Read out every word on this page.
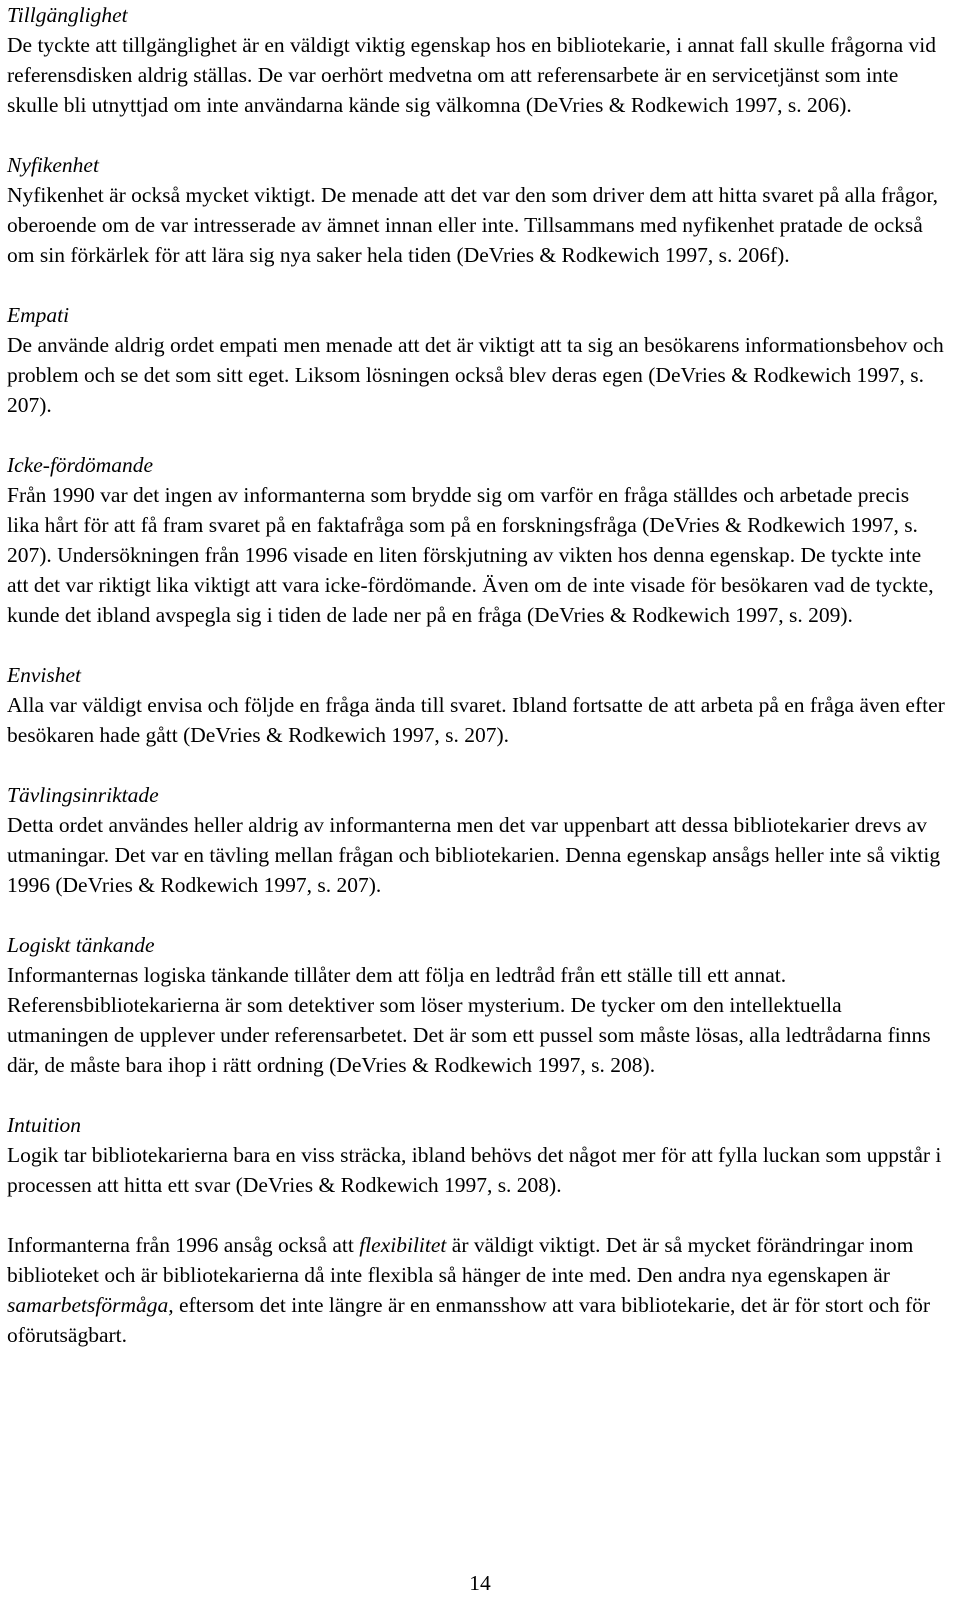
Tillgänglighet

De tyckte att tillgänglighet är en väldigt viktig egenskap hos en bibliotekarie, i annat fall skulle frågorna vid referensdisken aldrig ställas. De var oerhört medvetna om att referensarbete är en servicetjänst som inte skulle bli utnyttjad om inte användarna kände sig välkomna (DeVries & Rodkewich 1997, s. 206).

Nyfikenhet

Nyfikenhet är också mycket viktigt. De menade att det var den som driver dem att hitta svaret på alla frågor, oberoende om de var intresserade av ämnet innan eller inte. Tillsammans med nyfikenhet pratade de också om sin förkärlek för att lära sig nya saker hela tiden (DeVries & Rodkewich 1997, s. 206f).

Empati

De använde aldrig ordet empati men menade att det är viktigt att ta sig an besökarens informationsbehov och problem och se det som sitt eget. Liksom lösningen också blev deras egen (DeVries & Rodkewich 1997, s. 207).

Icke-fördömande

Från 1990 var det ingen av informanterna som brydde sig om varför en fråga ställdes och arbetade precis lika hårt för att få fram svaret på en faktafråga som på en forskningsfråga (DeVries & Rodkewich 1997, s. 207). Undersökningen från 1996 visade en liten förskjutning av vikten hos denna egenskap. De tyckte inte att det var riktigt lika viktigt att vara icke-fördömande. Även om de inte visade för besökaren vad de tyckte, kunde det ibland avspegla sig i tiden de lade ner på en fråga (DeVries & Rodkewich 1997, s. 209).

Envishet

Alla var väldigt envisa och följde en fråga ända till svaret. Ibland fortsatte de att arbeta på en fråga även efter besökaren hade gått (DeVries & Rodkewich 1997, s. 207).

Tävlingsinriktade

Detta ordet användes heller aldrig av informanterna men det var uppenbart att dessa bibliotekarier drevs av utmaningar. Det var en tävling mellan frågan och bibliotekarien. Denna egenskap ansågs heller inte så viktig 1996 (DeVries & Rodkewich 1997, s. 207).

Logiskt tänkande

Informanternas logiska tänkande tillåter dem att följa en ledtråd från ett ställe till ett annat. Referensbibliotekarierna är som detektiver som löser mysterium. De tycker om den intellektuella utmaningen de upplever under referensarbetet. Det är som ett pussel som måste lösas, alla ledtrådarna finns där, de måste bara ihop i rätt ordning (DeVries & Rodkewich 1997, s. 208).

Intuition

Logik tar bibliotekarierna bara en viss sträcka, ibland behövs det något mer för att fylla luckan som uppstår i processen att hitta ett svar (DeVries & Rodkewich 1997, s. 208).

Informanterna från 1996 ansåg också att flexibilitet är väldigt viktigt. Det är så mycket förändringar inom biblioteket och är bibliotekarierna då inte flexibla så hänger de inte med. Den andra nya egenskapen är samarbetsförmåga, eftersom det inte längre är en enmansshow att vara bibliotekarie, det är för stort och för oförutsägbart.

14
